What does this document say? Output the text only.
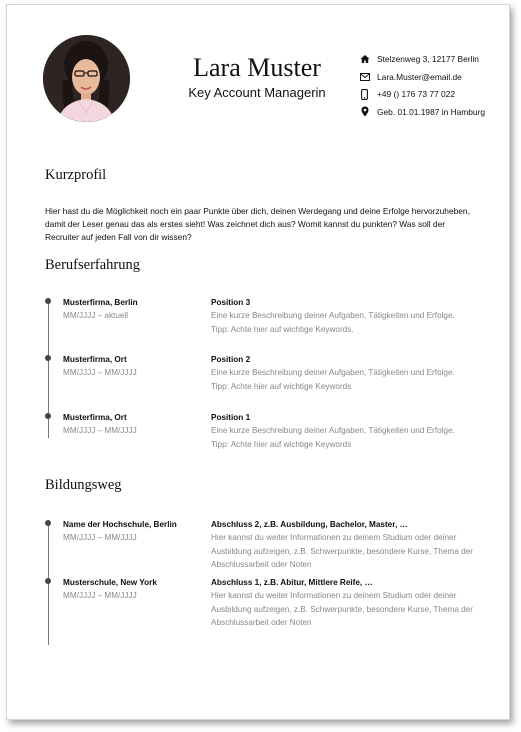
Lara Muster
Key Account Managerin
Stelzenweg 3, 12177 Berlin
Lara.Muster@email.de
+49 () 176 73 77 022
Geb. 01.01.1987 in Hamburg
Kurzprofil
Hier hast du die Möglichkeit noch ein paar Punkte über dich, deinen Werdegang und deine Erfolge hervorzuheben, damit der Leser genau das als erstes sieht! Was zeichnet dich aus? Womit kannst du punkten? Was soll der Recruiter auf jeden Fall von dir wissen?
Berufserfahrung
Musterfirma, Berlin
MM/JJJJ – aktuell
Position 3
Eine kurze Beschreibung deiner Aufgaben, Tätigkeiten und Erfolge.
Tipp: Achte hier auf wichtige Keywords.
Musterfirma, Ort
MM/JJJJ – MM/JJJJ
Position 2
Eine kurze Beschreibung deiner Aufgaben, Tätigkeiten und Erfolge.
Tipp: Achte hier auf wichtige Keywords
Musterfirma, Ort
MM/JJJJ – MM/JJJJ
Position 1
Eine kurze Beschreibung deiner Aufgaben, Tätigkeiten und Erfolge.
Tipp: Achte hier auf wichtige Keywords
Bildungsweg
Name der Hochschule, Berlin
MM/JJJJ – MM/JJJJ
Abschluss 2, z.B. Ausbildung, Bachelor, Master, …
Hier kannst du weiter Informationen zu deinem Studium oder deiner Ausbildung aufzeigen, z.B. Schwerpunkte, besondere Kurse, Thema der Abschlussarbeit oder Noten
Musterschule, New York
MM/JJJJ – MM/JJJJ
Abschluss 1, z.B. Abitur, Mittlere Reife, …
Hier kannst du weiter Informationen zu deinem Studium oder deiner Ausbildung aufzeigen, z.B. Schwerpunkte, besondere Kurse, Thema der Abschlussarbeit oder Noten
